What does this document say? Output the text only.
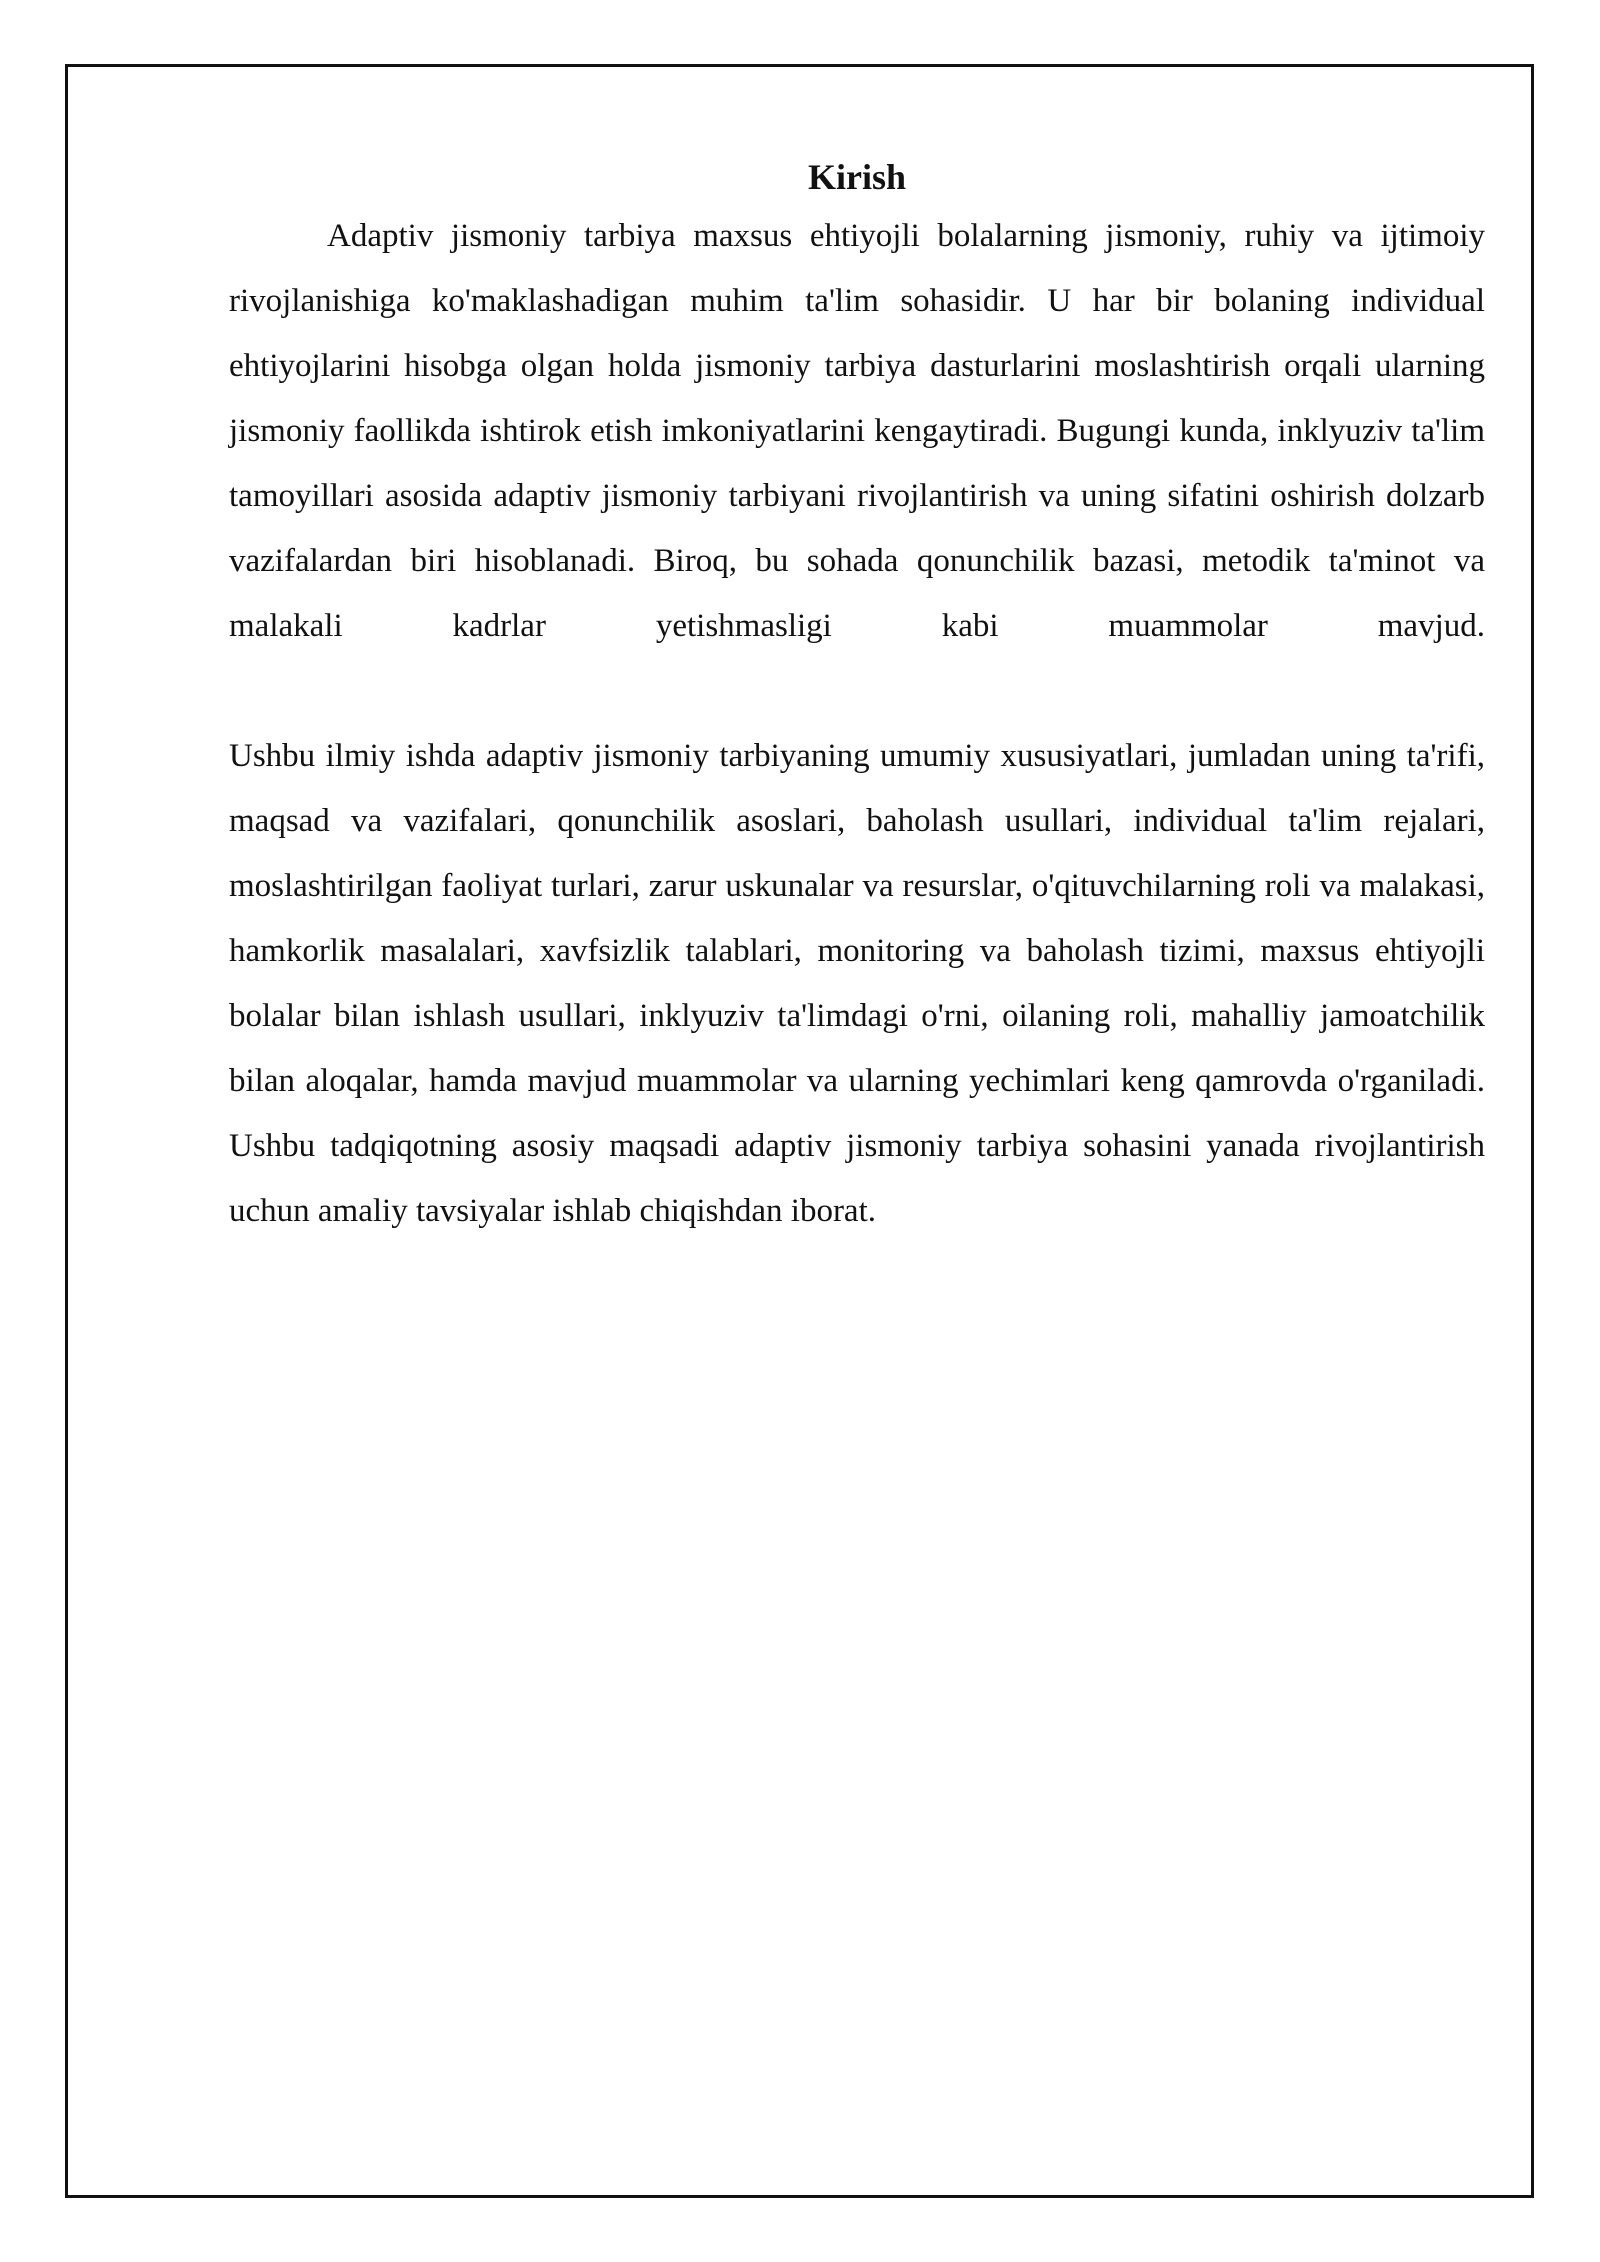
Kirish

Adaptiv jismoniy tarbiya maxsus ehtiyojli bolalarning jismoniy, ruhiy va ijtimoiy rivojlanishiga ko'maklashadigan muhim ta'lim sohasidir. U har bir bolaning individual ehtiyojlarini hisobga olgan holda jismoniy tarbiya dasturlarini moslashtirish orqali ularning jismoniy faollikda ishtirok etish imkoniyatlarini kengaytiradi. Bugungi kunda, inklyuziv ta'lim tamoyillari asosida adaptiv jismoniy tarbiyani rivojlantirish va uning sifatini oshirish dolzarb vazifalardan biri hisoblanadi. Biroq, bu sohada qonunchilik bazasi, metodik ta'minot va malakali kadrlar yetishmasligi kabi muammolar mavjud.

Ushbu ilmiy ishda adaptiv jismoniy tarbiyaning umumiy xususiyatlari, jumladan uning ta'rifi, maqsad va vazifalari, qonunchilik asoslari, baholash usullari, individual ta'lim rejalari, moslashtirilgan faoliyat turlari, zarur uskunalar va resurslar, o'qituvchilarning roli va malakasi, hamkorlik masalalari, xavfsizlik talablari, monitoring va baholash tizimi, maxsus ehtiyojli bolalar bilan ishlash usullari, inklyuziv ta'limdagi o'rni, oilaning roli, mahalliy jamoatchilik bilan aloqalar, hamda mavjud muammolar va ularning yechimlari keng qamrovda o'rganiladi. Ushbu tadqiqotning asosiy maqsadi adaptiv jismoniy tarbiya sohasini yanada rivojlantirish uchun amaliy tavsiyalar ishlab chiqishdan iborat.
